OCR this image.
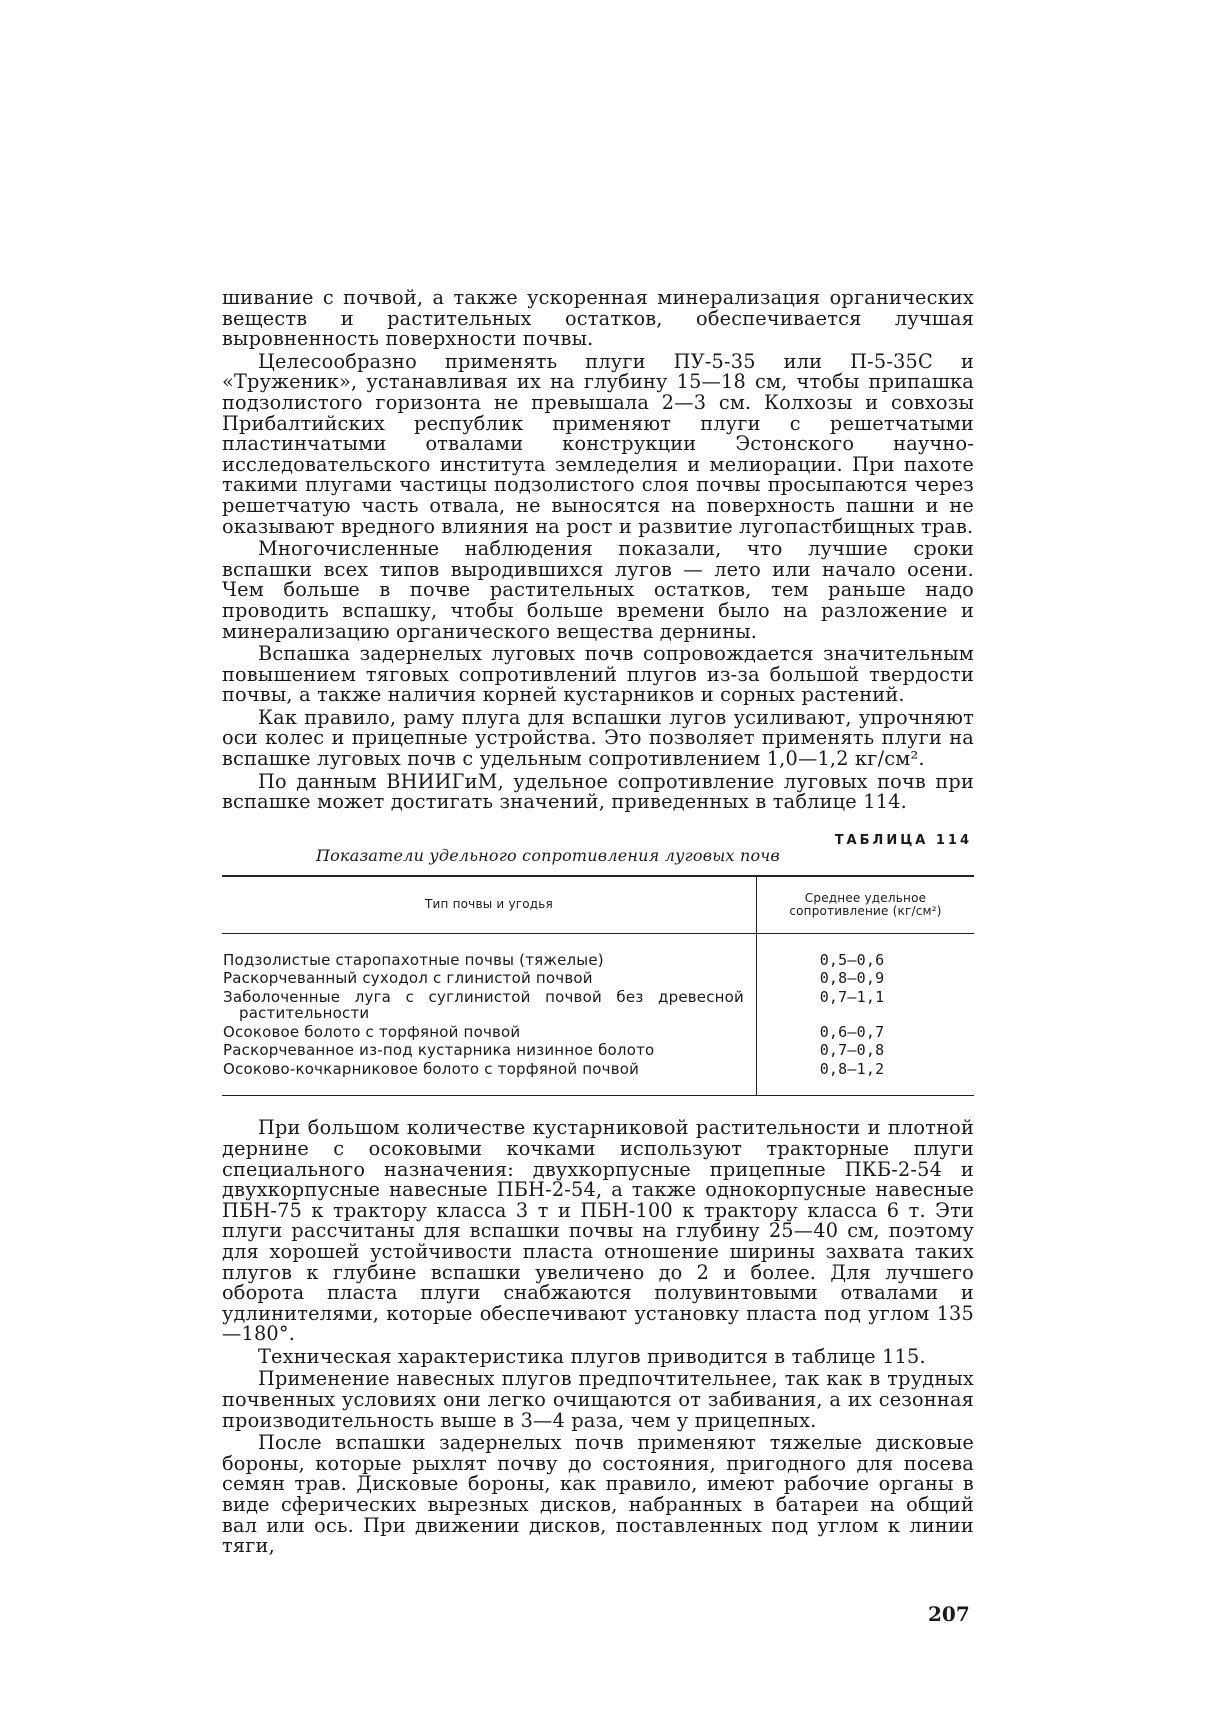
шивание с почвой, а также ускоренная минерализация органических веществ и растительных остатков, обеспечивается лучшая выровненность поверхности почвы.

Целесообразно применять плуги ПУ-5-35 или П-5-35С и «Труженик», устанавливая их на глубину 15—18 см, чтобы припашка подзолистого горизонта не превышала 2—3 см. Колхозы и совхозы Прибалтийских республик применяют плуги с решетчатыми пластинчатыми отвалами конструкции Эстонского научно-исследовательского института земледелия и мелиорации. При пахоте такими плугами частицы подзолистого слоя почвы просыпаются через решетчатую часть отвала, не выносятся на поверхность пашни и не оказывают вредного влияния на рост и развитие лугопастбищных трав.

Многочисленные наблюдения показали, что лучшие сроки вспашки всех типов выродившихся лугов — лето или начало осени. Чем больше в почве растительных остатков, тем раньше надо проводить вспашку, чтобы больше времени было на разложение и минерализацию органического вещества дернины.

Вспашка задернелых луговых почв сопровождается значительным повышением тяговых сопротивлений плугов из-за большой твердости почвы, а также наличия корней кустарников и сорных растений.

Как правило, раму плуга для вспашки лугов усиливают, упрочняют оси колес и прицепные устройства. Это позволяет применять плуги на вспашке луговых почв с удельным сопротивлением 1,0—1,2 кг/см².

По данным ВНИИГиМ, удельное сопротивление луговых почв при вспашке может достигать значений, приведенных в таблице 114.

ТАБЛИЦА 114
Показатели удельного сопротивления луговых почв
Тип почвы и угодья	Среднее удельное сопротивление (кг/см²)
Подзолистые старопахотные почвы (тяжелые)	0,5—0,6
Раскорчеванный суходол с глинистой почвой	0,8—0,9

Заболоченные луга с суглинистой почвой без древесной
растительности	0,7—1,1
Осоковое болото с торфяной почвой	0,6—0,7
Раскорчеванное из-под кустарника низинное болото	0,7—0,8
Осоково-кочкарниковое болото с торфяной почвой	0,8—1,2

При большом количестве кустарниковой растительности и плотной дернине с осоковыми кочками используют тракторные плуги специального назначения: двухкорпусные прицепные ПКБ-2-54 и двухкорпусные навесные ПБН-2-54, а также однокорпусные навесные ПБН-75 к трактору класса 3 т и ПБН-100 к трактору класса 6 т. Эти плуги рассчитаны для вспашки почвы на глубину 25—40 см, поэтому для хорошей устойчивости пласта отношение ширины захвата таких плугов к глубине вспашки увеличено до 2 и более. Для лучшего оборота пласта плуги снабжаются полувинтовыми отвалами и удлинителями, которые обеспечивают установку пласта под углом 135—180°.

Техническая характеристика плугов приводится в таблице 115.

Применение навесных плугов предпочтительнее, так как в трудных почвенных условиях они легко очищаются от забивания, а их сезонная производительность выше в 3—4 раза, чем у прицепных.

После вспашки задернелых почв применяют тяжелые дисковые бороны, которые рыхлят почву до состояния, пригодного для посева семян трав. Дисковые бороны, как правило, имеют рабочие органы в виде сферических вырезных дисков, набранных в батареи на общий вал или ось. При движении дисков, поставленных под углом к линии тяги,

207
